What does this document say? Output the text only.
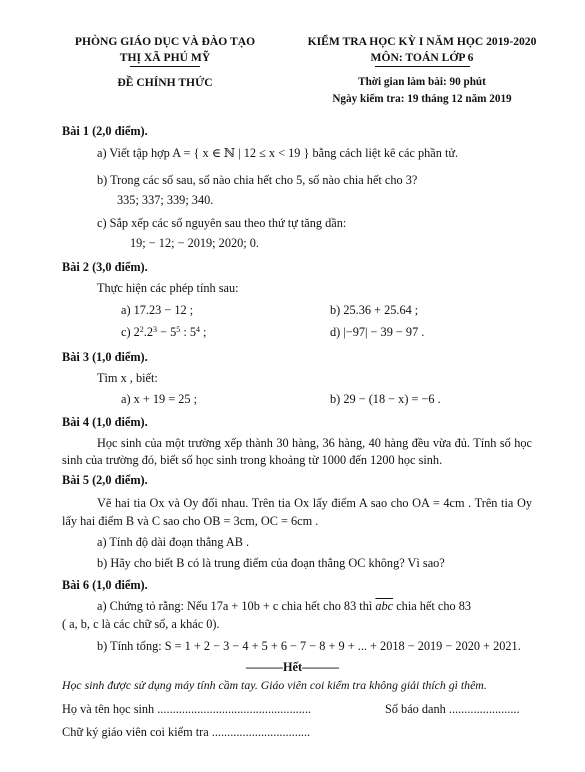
PHÒNG GIÁO DỤC VÀ ĐÀO TẠO
THỊ XÃ PHÚ MỸ
ĐỀ CHÍNH THỨC
KIỂM TRA HỌC KỲ I NĂM HỌC 2019-2020
MÔN: TOÁN LỚP 6
Thời gian làm bài: 90 phút
Ngày kiểm tra: 19 tháng 12 năm 2019
Bài 1 (2,0 điểm).
a) Viết tập hợp A = { x ∈ ℕ | 12 ≤ x < 19 } bằng cách liệt kê các phần tử.
b) Trong các số sau, số nào chia hết cho 5, số nào chia hết cho 3?
335; 337; 339; 340.
c) Sắp xếp các số nguyên sau theo thứ tự tăng dần:
19; − 12; − 2019; 2020; 0.
Bài 2 (3,0 điểm).
Thực hiện các phép tính sau:
a) 17.23 − 12 ;	b) 25.36 + 25.64 ;
c) $2^2.2^3 - 5^5$ : $5^4$ ;	d) |−97| − 39 − 97 .
Bài 3 (1,0 điểm).
Tìm x , biết:
a) x + 19 = 25 ;	b) 29 − (18 − x) = −6 .
Bài 4 (1,0 điểm).
Học sinh của một trường xếp thành 30 hàng, 36 hàng, 40 hàng đều vừa đủ. Tính số học sinh của trường đó, biết số học sinh trong khoảng từ 1000 đến 1200 học sinh.
Bài 5 (2,0 điểm).
Vẽ hai tia Ox và Oy đối nhau. Trên tia Ox lấy điểm A sao cho OA = 4cm . Trên tia Oy lấy hai điểm B và C sao cho OB = 3cm, OC = 6cm .
a) Tính độ dài đoạn thẳng AB .
b) Hãy cho biết B có là trung điểm của đoạn thẳng OC không? Vì sao?
Bài 6 (1,0 điểm).
a) Chứng tỏ rằng: Nếu 17a + 10b + c chia hết cho 83 thì $\overline{abc}$ chia hết cho 83
( a, b, c là các chữ số, a khác 0).
b) Tính tổng: S = 1 + 2 − 3 − 4 + 5 + 6 − 7 − 8 + 9 + ... + 2018 − 2019 − 2020 + 2021.
———Hết———
Học sinh được sử dụng máy tính cầm tay. Giáo viên coi kiểm tra không giải thích gì thêm.
Họ và tên học sinh ..................................................	Số báo danh .......................
Chữ ký giáo viên coi kiểm tra ................................
